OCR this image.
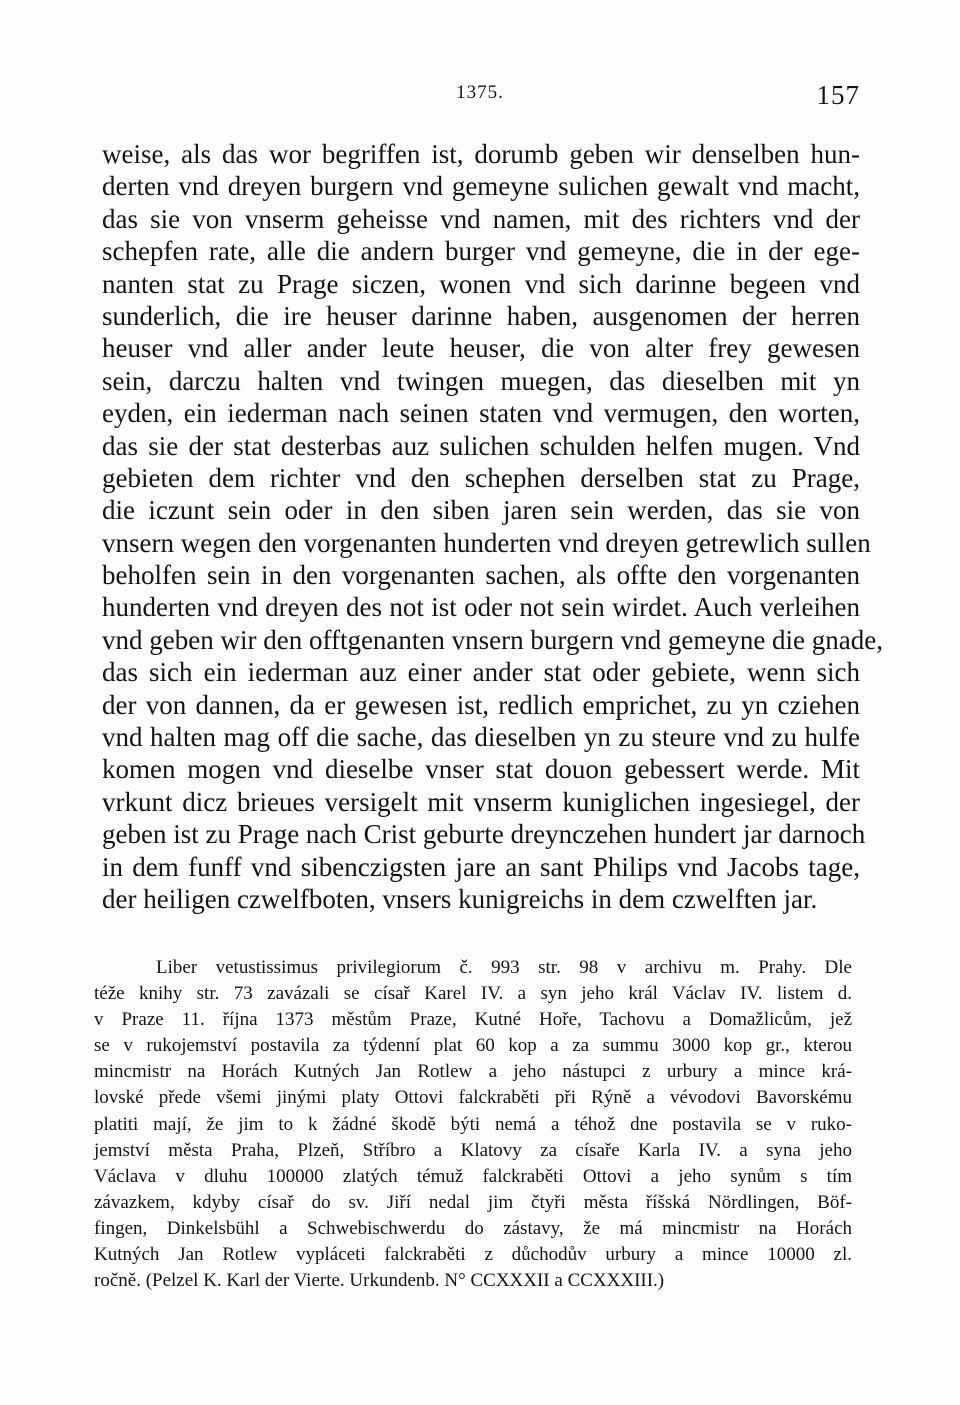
1375.	157
weise, als das wor begriffen ist, dorumb geben wir denselben hun-
derten vnd dreyen burgern vnd gemeyne sulichen gewalt vnd macht,
das sie von vnserm geheisse vnd namen, mit des richters vnd der
schepfen rate, alle die andern burger vnd gemeyne, die in der ege-
nanten stat zu Prage siczen, wonen vnd sich darinne begeen vnd
sunderlich, die ire heuser darinne haben, ausgenomen der herren
heuser vnd aller ander leute heuser, die von alter frey gewesen
sein, darczu halten vnd twingen muegen, das dieselben mit yn
eyden, ein iederman nach seinen staten vnd vermugen, den worten,
das sie der stat desterbas auz sulichen schulden helfen mugen. Vnd
gebieten dem richter vnd den schephen derselben stat zu Prage,
die iczunt sein oder in den siben jaren sein werden, das sie von
vnsern wegen den vorgenanten hunderten vnd dreyen getrewlich sullen
beholfen sein in den vorgenanten sachen, als offte den vorgenanten
hunderten vnd dreyen des not ist oder not sein wirdet. Auch verleihen
vnd geben wir den offtgenanten vnsern burgern vnd gemeyne die gnade,
das sich ein iederman auz einer ander stat oder gebiete, wenn sich
der von dannen, da er gewesen ist, redlich emprichet, zu yn cziehen
vnd halten mag off die sache, das dieselben yn zu steure vnd zu hulfe
komen mogen vnd dieselbe vnser stat douon gebessert werde. Mit
vrkunt dicz brieues versigelt mit vnserm kuniglichen ingesiegel, der
geben ist zu Prage nach Crist geburte dreynczehen hundert jar darnoch
in dem funff vnd sibenczigsten jare an sant Philips vnd Jacobs tage,
der heiligen czwelfboten, vnsers kunigreichs in dem czwelften jar.
Liber vetustissimus privilegiorum č. 993 str. 98 v archivu m. Prahy. Dle
téže knihy str. 73 zavázali se císař Karel IV. a syn jeho král Václav IV. listem d.
v Praze 11. října 1373 městům Praze, Kutné Hoře, Tachovu a Domažlicům, jež
se v rukojemství postavila za týdenní plat 60 kop a za summu 3000 kop gr., kterou
mincmistr na Horách Kutných Jan Rotlew a jeho nástupci z urbury a mince krá-
lovské přede všemi jinými platy Ottovi falckraběti při Rýně a vévodovi Bavorskému
platiti mají, že jim to k žádné škodě býti nemá a téhož dne postavila se v ruko-
jemství města Praha, Plzeň, Stříbro a Klatovy za císaře Karla IV. a syna jeho
Václava v dluhu 100000 zlatých témuž falckraběti Ottovi a jeho synům s tím
závazkem, kdyby císař do sv. Jiří nedal jim čtyři města říšská Nördlingen, Böf-
fingen, Dinkelsbühl a Schwebischwerdu do zástavy, že má mincmistr na Horách
Kutných Jan Rotlew vypláceti falckraběti z důchodův urbury a mince 10000 zl.
ročně. (Pelzel K. Karl der Vierte. Urkundenb. N° CCXXXII a CCXXXIII.)
